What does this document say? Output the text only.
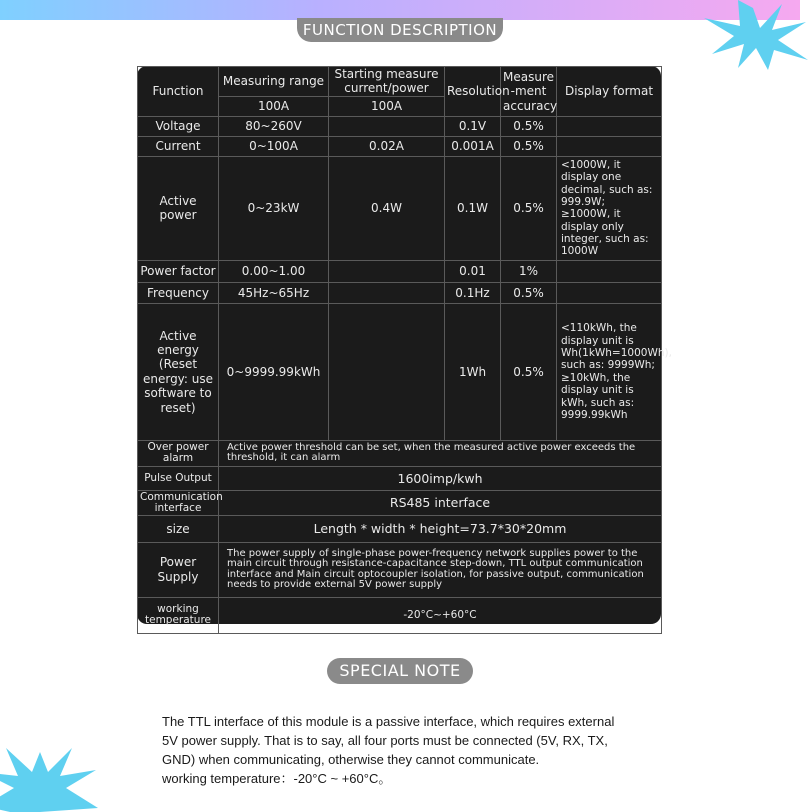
FUNCTION DESCRIPTION
Function	Measuring range	Starting measure current/power	Resolution	Measure -ment accuracy	Display format
	100A	100A			
Voltage	80~260V		0.1V	0.5%	
Current	0~100A	0.02A	0.001A	0.5%	
Active power	0~23kW	0.4W	0.1W	0.5%	<1000W, it display one decimal, such as: 999.9W; ≥1000W, it display only integer, such as: 1000W
Power factor	0.00~1.00		0.01	1%	
Frequency	45Hz~65Hz		0.1Hz	0.5%	
Active energy (Reset energy: use software to reset)	0~9999.99kWh		1Wh	0.5%	<110kWh, the display unit is Wh(1kWh=1000Wh), such as: 9999Wh; ≥10kWh, the display unit is kWh, such as: 9999.99kWh
Over power alarm	Active power threshold can be set, when the measured active power exceeds the threshold, it can alarm				
Pulse Output	1600imp/kwh				
Communication interface	RS485 interface				
size	Length * width * height=73.7*30*20mm				
Power Supply	The power supply of single-phase power-frequency network supplies power to the main circuit through resistance-capacitance step-down, TTL output communication interface and Main circuit optocoupler isolation, for passive output, communication needs to provide external 5V power supply				
working temperature	-20°C~+60°C				
SPECIAL NOTE

The TTL interface of this module is a passive interface, which requires external

5V power supply. That is to say, all four ports must be connected (5V, RX, TX,

GND) when communicating, otherwise they cannot communicate.

working temperature：-20°C ~ +60°C。
